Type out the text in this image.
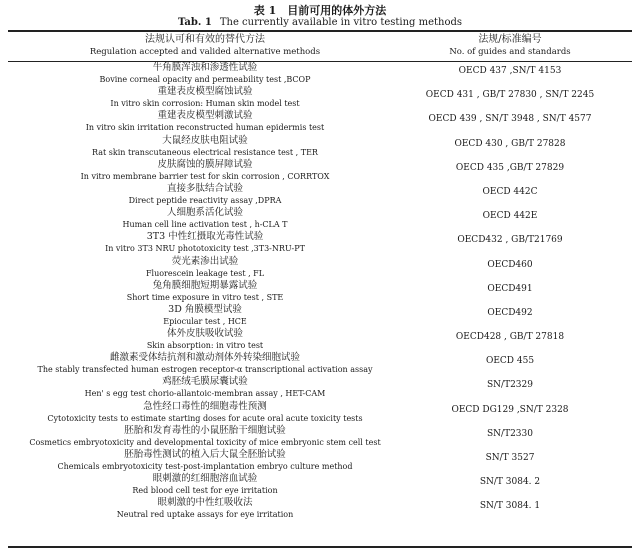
表 1　目前可用的体外方法
Tab. 1 The currently available in vitro testing methods
法规认可和有效的替代方法
Regulation accepted and valided alternative methods
法规/标准编号
No. of guides and standards
牛角膜浑浊和渗透性试验
Bovine corneal opacity and permeability test ,BCOP
OECD 437 ,SN/T 4153
重建表皮模型腐蚀试验
In vitro skin corrosion: Human skin model test
OECD 431 , GB/T 27830 , SN/T 2245
重建表皮模型刺激试验
In vitro skin irritation reconstructed human epidermis test
OECD 439 , SN/T 3948 , SN/T 4577
大鼠经皮肤电阻试验
Rat skin transcutaneous electrical resistance test , TER
OECD 430 , GB/T 27828
皮肤腐蚀的膜屏障试验
In vitro membrane barrier test for skin corrosion , CORRTOX
OECD 435 ,GB/T 27829
直接多肽结合试验
Direct peptide reactivity assay ,DPRA
OECD 442C
人细胞系活化试验
Human cell line activation test , h-CLA T
OECD 442E
3T3 中性红摄取光毒性试验
In vitro 3T3 NRU phototoxicity test ,3T3-NRU-PT
OECD432 , GB/T21769
荧光素渗出试验
Fluorescein leakage test , FL
OECD460
兔角膜细胞短期暴露试验
Short time exposure in vitro test , STE
OECD491
3D 角膜模型试验
Epiocular test , HCE
OECD492
体外皮肤吸收试验
Skin absorption: in vitro test
OECD428 , GB/T 27818
雌激素受体结抗剂和激动剂体外转染细胞试验
The stably transfected human estrogen receptor-α transcriptional activation assay
OECD 455
鸡胚绒毛膜尿囊试验
Hen' s egg test chorio-allantoic-membran assay , HET-CAM
SN/T2329
急性经口毒性的细胞毒性预测
Cytotoxicity tests to estimate starting doses for acute oral acute toxicity tests
OECD DG129 ,SN/T 2328
胚胎和发育毒性的小鼠胚胎干细胞试验
Cosmetics embryotoxicity and developmental toxicity of mice embryonic stem cell test
SN/T2330
胚胎毒性测试的植入后大鼠全胚胎试验
Chemicals embryotoxicity test-post-implantation embryo culture method
SN/T 3527
眼刺激的红细胞溶血试验
Red blood cell test for eye irritation
SN/T 3084. 2
眼刺激的中性红吸收法
Neutral red uptake assays for eye irritation
SN/T 3084. 1
